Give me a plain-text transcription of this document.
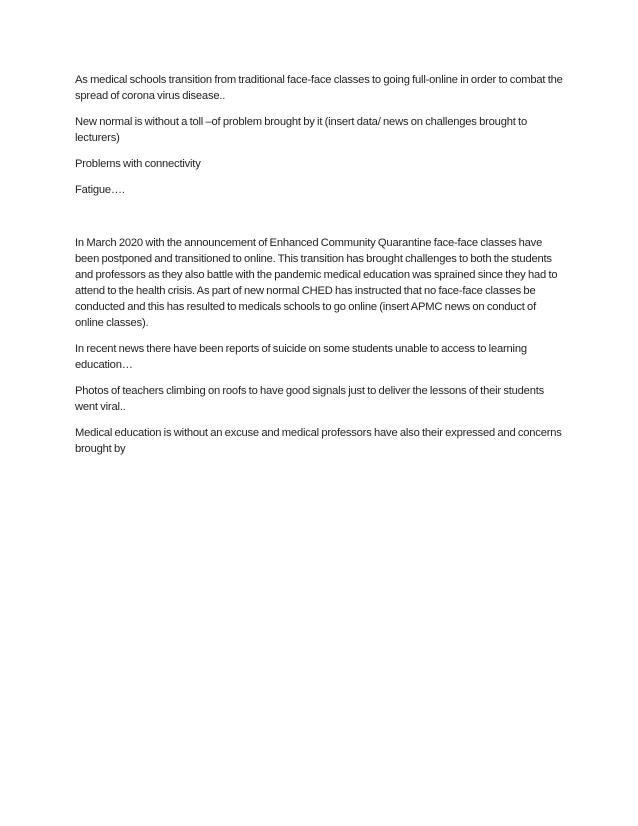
As medical schools transition from traditional face-face classes to going full-online in order to combat the spread of corona virus disease..

New normal is without a toll –of problem brought by it (insert data/ news on challenges brought to lecturers)

Problems with connectivity

Fatigue….

In March 2020 with the announcement of Enhanced Community Quarantine face-face classes have been postponed and transitioned to online. This transition has brought challenges to both the students and professors as they also battle with the pandemic medical education was sprained since they had to attend to the health crisis. As part of new normal CHED has instructed that no face-face classes be conducted and this has resulted to medicals schools to go online (insert APMC news on conduct of online classes).

In recent news there have been reports of suicide on some students unable to access to learning education…

Photos of teachers climbing on roofs to have good signals just to deliver the lessons of their students went viral..

Medical education is without an excuse and medical professors have also their expressed and concerns brought by
